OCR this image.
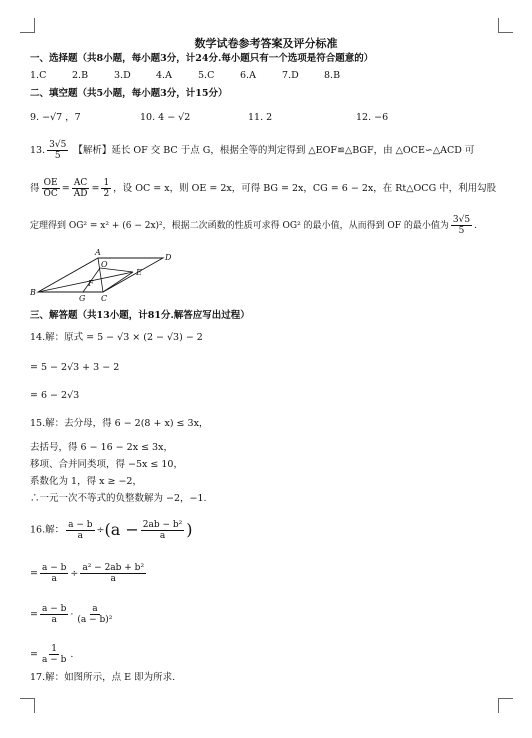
数学试卷参考答案及评分标准
一、选择题（共8小题，每小题3分，计24分.每小题只有一个选项是符合题意的）
1.C	2.B	3.D	4.A	5.C	6.A	7.D	8.B
二、填空题（共5小题，每小题3分，计15分）
9. −√7 ，7	10. 4 − √2	11. 2	12. −6
13. $\frac{3√5}{5}$ 【解析】延长 OF 交 BC 于点 G，根据全等的判定得到 △EOF≌△BGF，由 △OCE∽△ACD 可
得 $\frac{OE}{OC} = \frac{AC}{AD} = \frac{1}{2}$ ，设 OC = x，则 OE = 2x，可得 BG = 2x，CG = 6 − 2x，在 Rt△OCG 中，利用勾股
定理得到 OG² = x² + (6 − 2x)²，根据二次函数的性质可求得 OG² 的最小值，从而得到 OF 的最小值为 $\frac{3√5}{5}$ .
A
D
O
E
B
F
G C
三、解答题（共13小题，计81分.解答应写出过程）
14.解：原式 = 5 − √3 × (2 − √3) − 2
= 5 − 2√3 + 3 − 2
= 6 − 2√3
15.解：去分母，得 6 − 2(8 + x) ≤ 3x，
去括号，得 6 − 16 − 2x ≤ 3x，
移项、合并同类项，得 −5x ≤ 10，
系数化为 1，得 x ≥ −2，
∴一元一次不等式的负整数解为 −2，−1.
16.解： $\frac{a - b}{a} \div(a - \frac{\text{2ab − b²}}{a}$ )
= $\frac{a - b}{a} \div \frac{\text{a² − 2ab + b²}}{a}$
= $\frac{a - b}{a} \cdot \frac{a}{\text{(a − b)²}}$
= $\frac{1}{a - b}$ .
17.解：如图所示，点 E 即为所求.
